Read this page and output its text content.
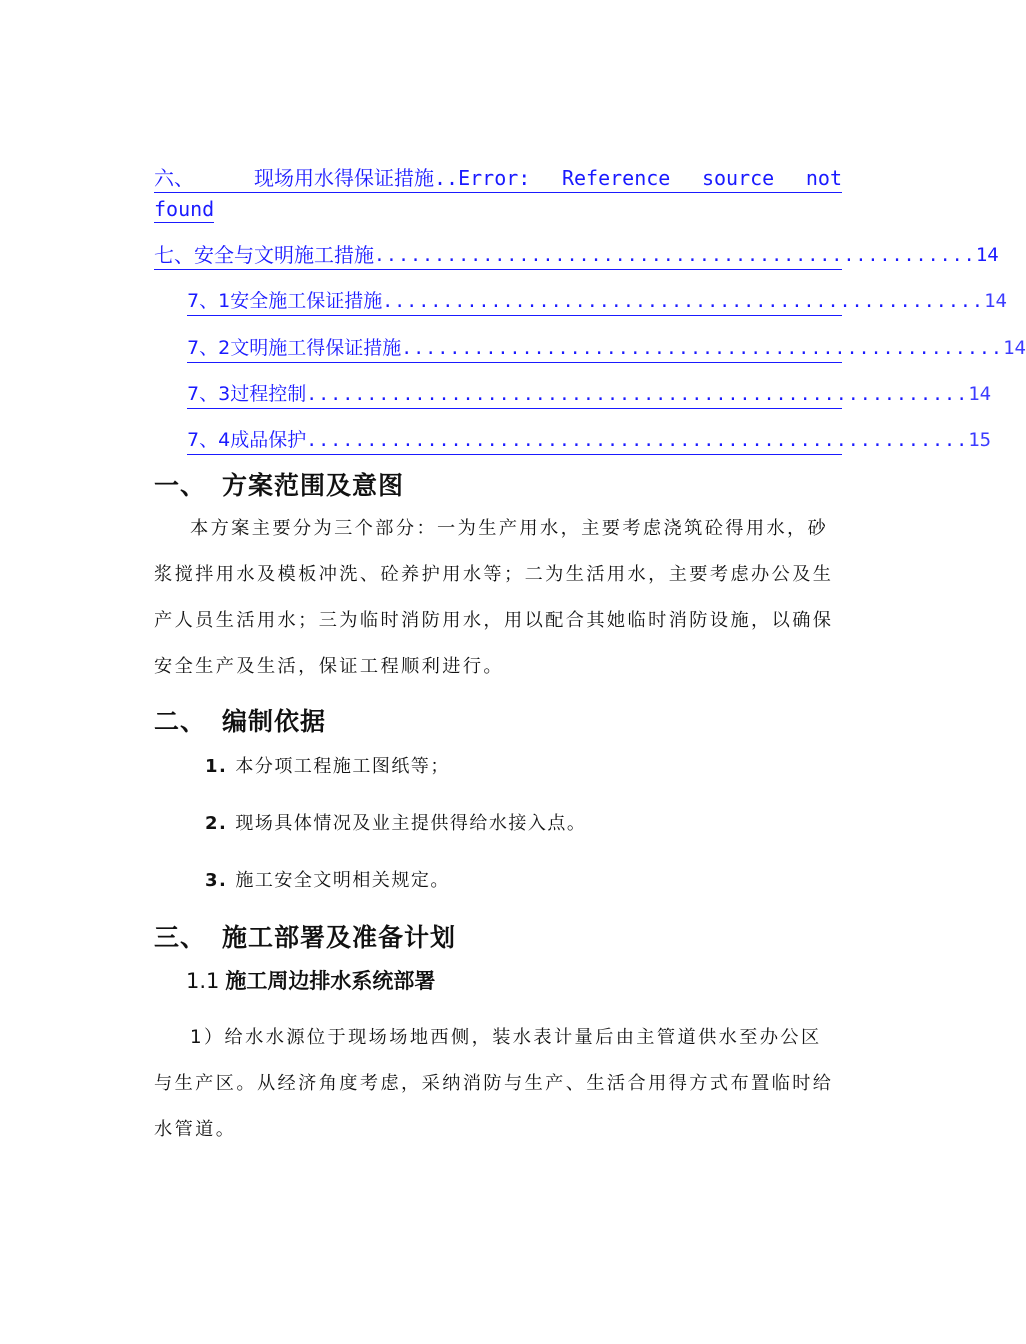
六、	现场用水得保证措施 ..Error: Reference source not
found
七、 安全与文明施工措施 .................................................. 14
7、1 安全施工保证措施 .................................................. 14
7、2 文明施工得保证措施 .................................................. 14
7、3 过程控制 ....................................................... 14
7、4 成品保护 ....................................................... 15
一、 方案范围及意图
本方案主要分为三个部分：一为生产用水，主要考虑浇筑砼得用水，砂
浆搅拌用水及模板冲洗、砼养护用水等；二为生活用水，主要考虑办公及生
产人员生活用水；三为临时消防用水，用以配合其她临时消防设施，以确保
安全生产及生活，保证工程顺利进行。
二、 编制依据
1. 本分项工程施工图纸等；
2. 现场具体情况及业主提供得给水接入点。
3. 施工安全文明相关规定。
三、 施工部署及准备计划
1.1 施工周边排水系统部署
1）给水水源位于现场场地西侧，装水表计量后由主管道供水至办公区
与生产区。从经济角度考虑，采纳消防与生产、生活合用得方式布置临时给
水管道。
